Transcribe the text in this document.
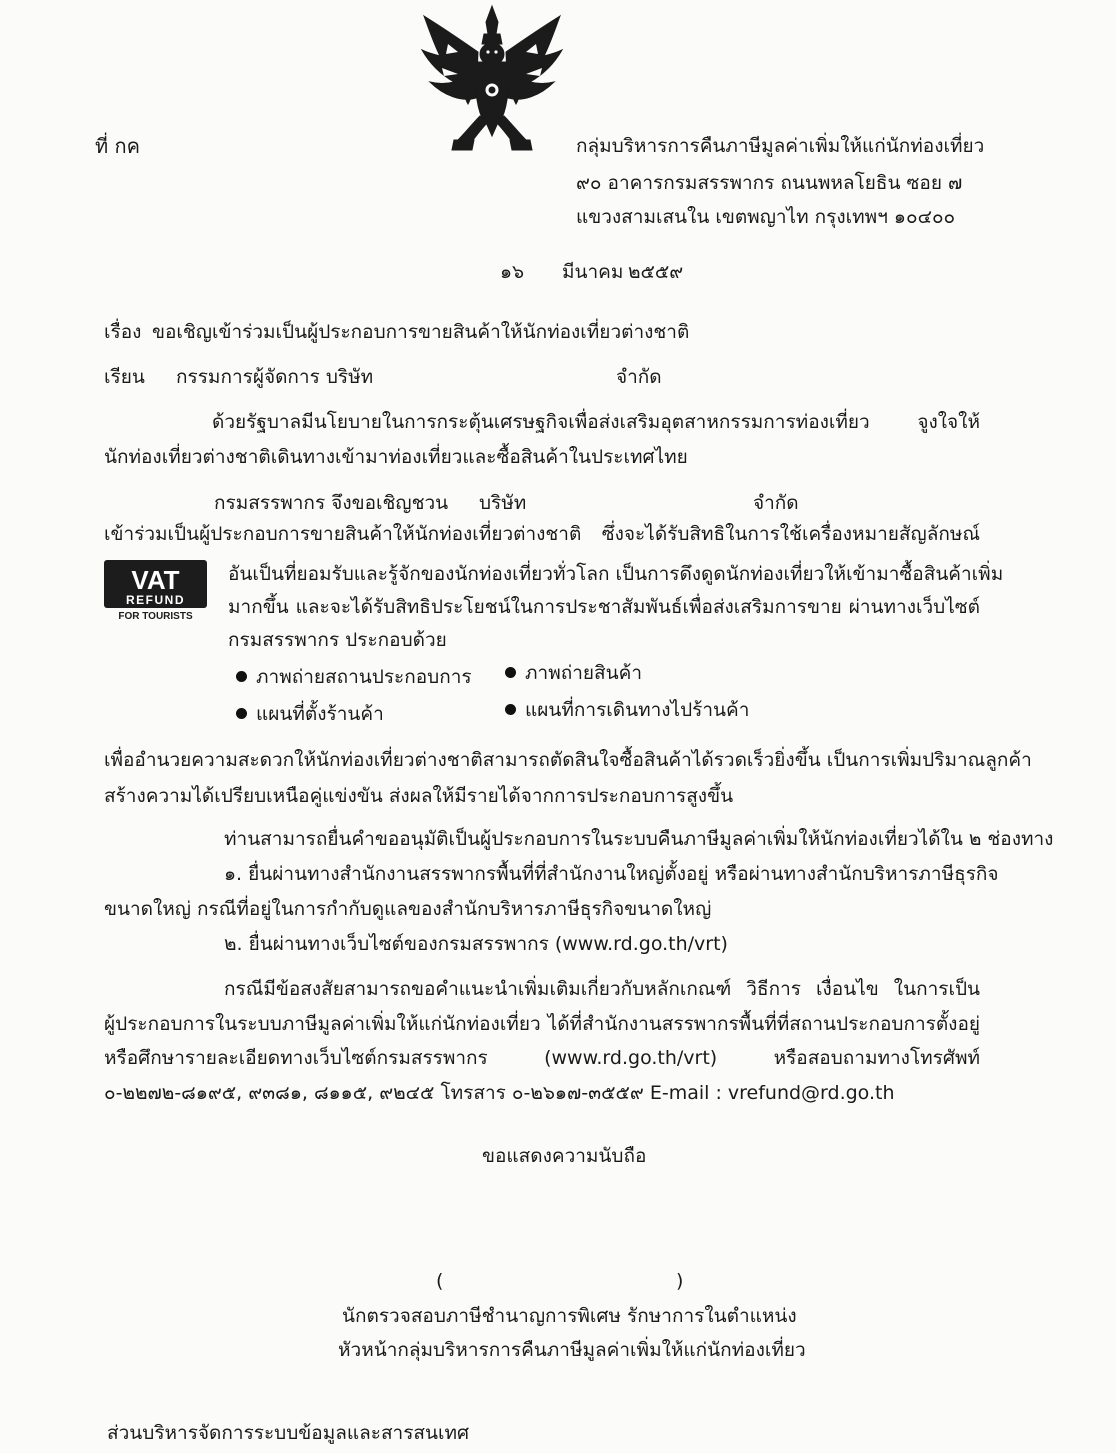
ที่ กค	กลุ่มบริหารการคืนภาษีมูลค่าเพิ่มให้แก่นักท่องเที่ยว
๙๐ อาคารกรมสรรพากร ถนนพหลโยธิน ซอย ๗
แขวงสามเสนใน เขตพญาไท กรุงเทพฯ ๑๐๔๐๐
๑๖ มีนาคม ๒๕๕๙
เรื่อง ขอเชิญเข้าร่วมเป็นผู้ประกอบการขายสินค้าให้นักท่องเที่ยวต่างชาติ
เรียน กรรมการผู้จัดการ บริษัท	จำกัด
ด้วยรัฐบาลมีนโยบายในการกระตุ้นเศรษฐกิจเพื่อส่งเสริมอุตสาหกรรมการท่องเที่ยว จูงใจให้
นักท่องเที่ยวต่างชาติเดินทางเข้ามาท่องเที่ยวและซื้อสินค้าในประเทศไทย
กรมสรรพากร จึงขอเชิญชวน บริษัท	จำกัด
เข้าร่วมเป็นผู้ประกอบการขายสินค้าให้นักท่องเที่ยวต่างชาติ ซึ่งจะได้รับสิทธิในการใช้เครื่องหมายสัญลักษณ์
VAT
REFUND
FOR TOURISTS
อันเป็นที่ยอมรับและรู้จักของนักท่องเที่ยวทั่วโลก เป็นการดึงดูดนักท่องเที่ยวให้เข้ามาซื้อสินค้าเพิ่ม
มากขึ้น และจะได้รับสิทธิประโยชน์ในการประชาสัมพันธ์เพื่อส่งเสริมการขาย ผ่านทางเว็บไซต์
กรมสรรพากร ประกอบด้วย
ภาพถ่ายสถานประกอบการ	ภาพถ่ายสินค้า
แผนที่ตั้งร้านค้า	แผนที่การเดินทางไปร้านค้า
เพื่ออำนวยความสะดวกให้นักท่องเที่ยวต่างชาติสามารถตัดสินใจซื้อสินค้าได้รวดเร็วยิ่งขึ้น เป็นการเพิ่มปริมาณลูกค้า
สร้างความได้เปรียบเหนือคู่แข่งขัน ส่งผลให้มีรายได้จากการประกอบการสูงขึ้น
ท่านสามารถยื่นคำขออนุมัติเป็นผู้ประกอบการในระบบคืนภาษีมูลค่าเพิ่มให้นักท่องเที่ยวได้ใน ๒ ช่องทาง
๑. ยื่นผ่านทางสำนักงานสรรพากรพื้นที่ที่สำนักงานใหญ่ตั้งอยู่ หรือผ่านทางสำนักบริหารภาษีธุรกิจ
ขนาดใหญ่ กรณีที่อยู่ในการกำกับดูแลของสำนักบริหารภาษีธุรกิจขนาดใหญ่
๒. ยื่นผ่านทางเว็บไซต์ของกรมสรรพากร (www.rd.go.th/vrt)
กรณีมีข้อสงสัยสามารถขอคำแนะนำเพิ่มเติมเกี่ยวกับหลักเกณฑ์ วิธีการ เงื่อนไข ในการเป็น
ผู้ประกอบการในระบบภาษีมูลค่าเพิ่มให้แก่นักท่องเที่ยว ได้ที่สำนักงานสรรพากรพื้นที่ที่สถานประกอบการตั้งอยู่
หรือศึกษารายละเอียดทางเว็บไซต์กรมสรรพากร (www.rd.go.th/vrt) หรือสอบถามทางโทรศัพท์
๐-๒๒๗๒-๘๑๙๕, ๙๓๘๑, ๘๑๑๕, ๙๒๔๕ โทรสาร ๐-๒๖๑๗-๓๕๕๙ E-mail : vrefund@rd.go.th
ขอแสดงความนับถือ
(	)
นักตรวจสอบภาษีชำนาญการพิเศษ รักษาการในตำแหน่ง
หัวหน้ากลุ่มบริหารการคืนภาษีมูลค่าเพิ่มให้แก่นักท่องเที่ยว
ส่วนบริหารจัดการระบบข้อมูลและสารสนเทศ
